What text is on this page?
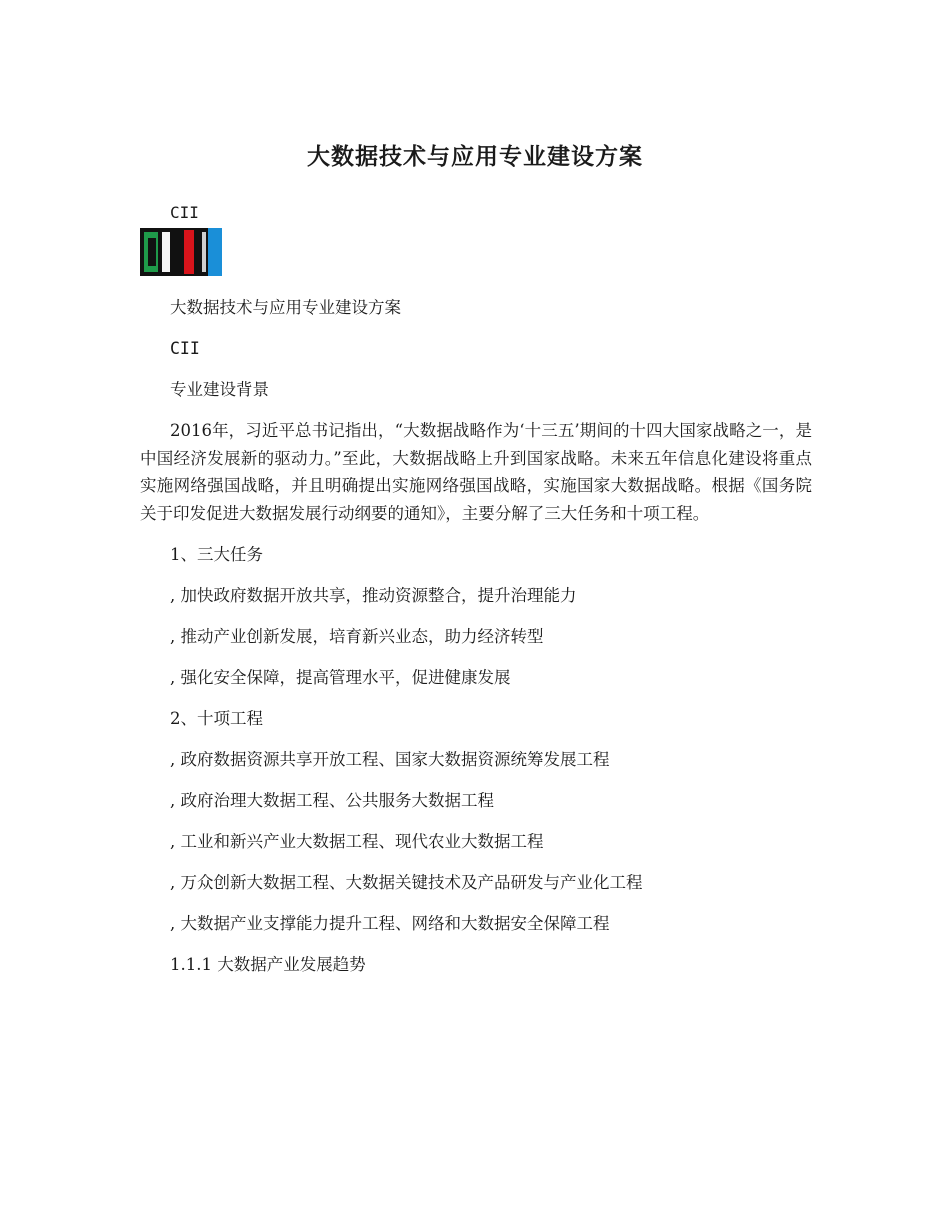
大数据技术与应用专业建设方案
CII

大数据技术与应用专业建设方案

CII

专业建设背景

2016年，习近平总书记指出，“大数据战略作为‘十三五’期间的十四大国家战略之一，是中国经济发展新的驱动力。”至此，大数据战略上升到国家战略。未来五年信息化建设将重点实施网络强国战略，并且明确提出实施网络强国战略，实施国家大数据战略。根据《国务院关于印发促进大数据发展行动纲要的通知》，主要分解了三大任务和十项工程。

1、三大任务

, 加快政府数据开放共享，推动资源整合，提升治理能力

, 推动产业创新发展，培育新兴业态，助力经济转型

, 强化安全保障，提高管理水平，促进健康发展

2、十项工程

, 政府数据资源共享开放工程、国家大数据资源统筹发展工程

, 政府治理大数据工程、公共服务大数据工程

, 工业和新兴产业大数据工程、现代农业大数据工程

, 万众创新大数据工程、大数据关键技术及产品研发与产业化工程

, 大数据产业支撑能力提升工程、网络和大数据安全保障工程

1.1.1 大数据产业发展趋势
